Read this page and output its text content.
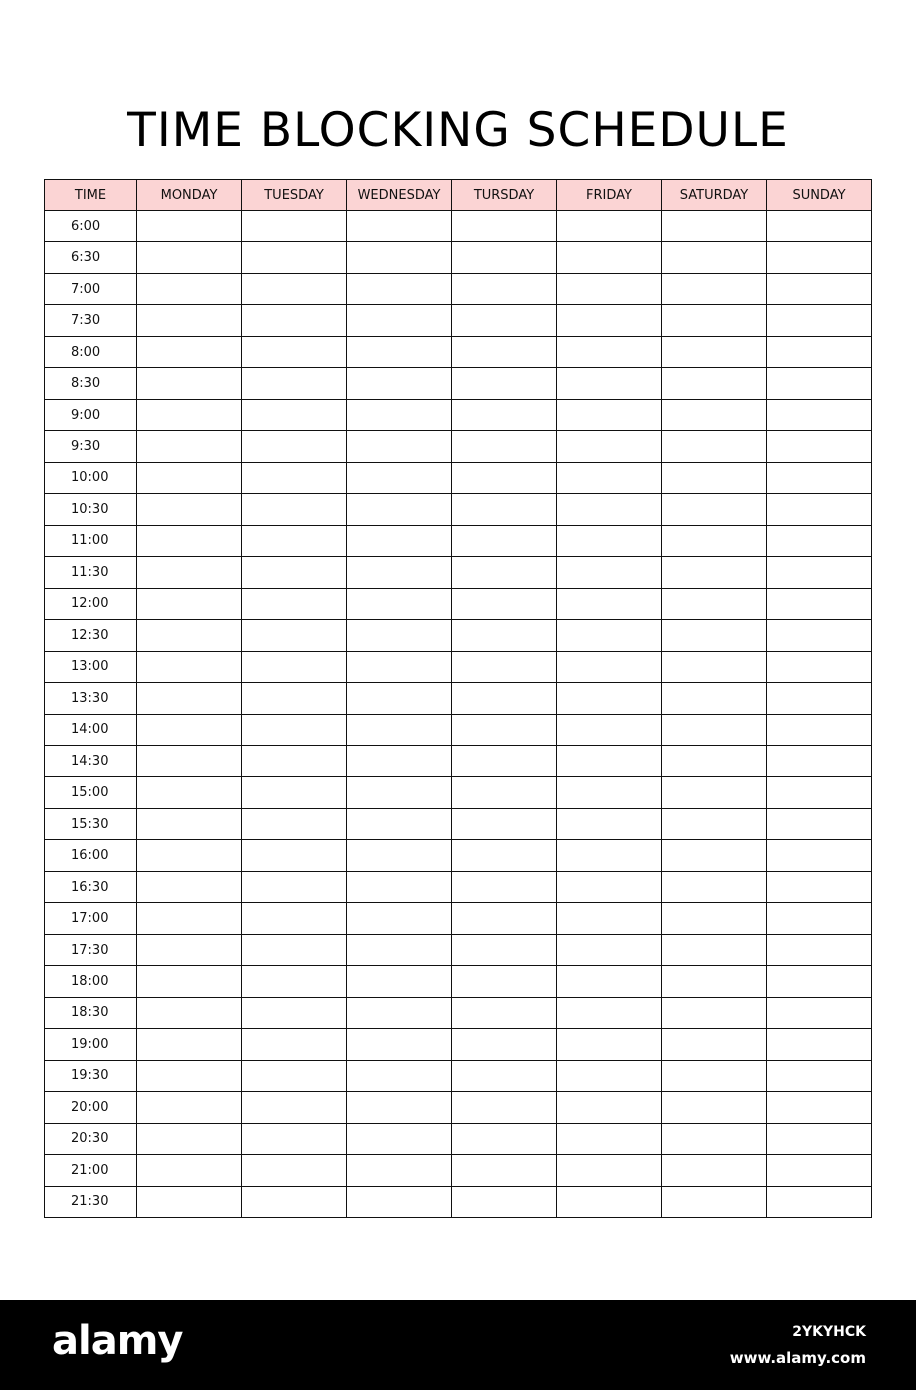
TIME BLOCKING SCHEDULE
TIME	MONDAY	TUESDAY	WEDNESDAY	TURSDAY	FRIDAY	SATURDAY	SUNDAY
6:00							
6:30							
7:00							
7:30							
8:00							
8:30							
9:00							
9:30							
10:00							
10:30							
11:00							
11:30							
12:00							
12:30							
13:00							
13:30							
14:00							
14:30							
15:00							
15:30							
16:00							
16:30							
17:00							
17:30							
18:00							
18:30							
19:00							
19:30							
20:00							
20:30							
21:00							
21:30							
alamy	2YKYHCK
www.alamy.com
